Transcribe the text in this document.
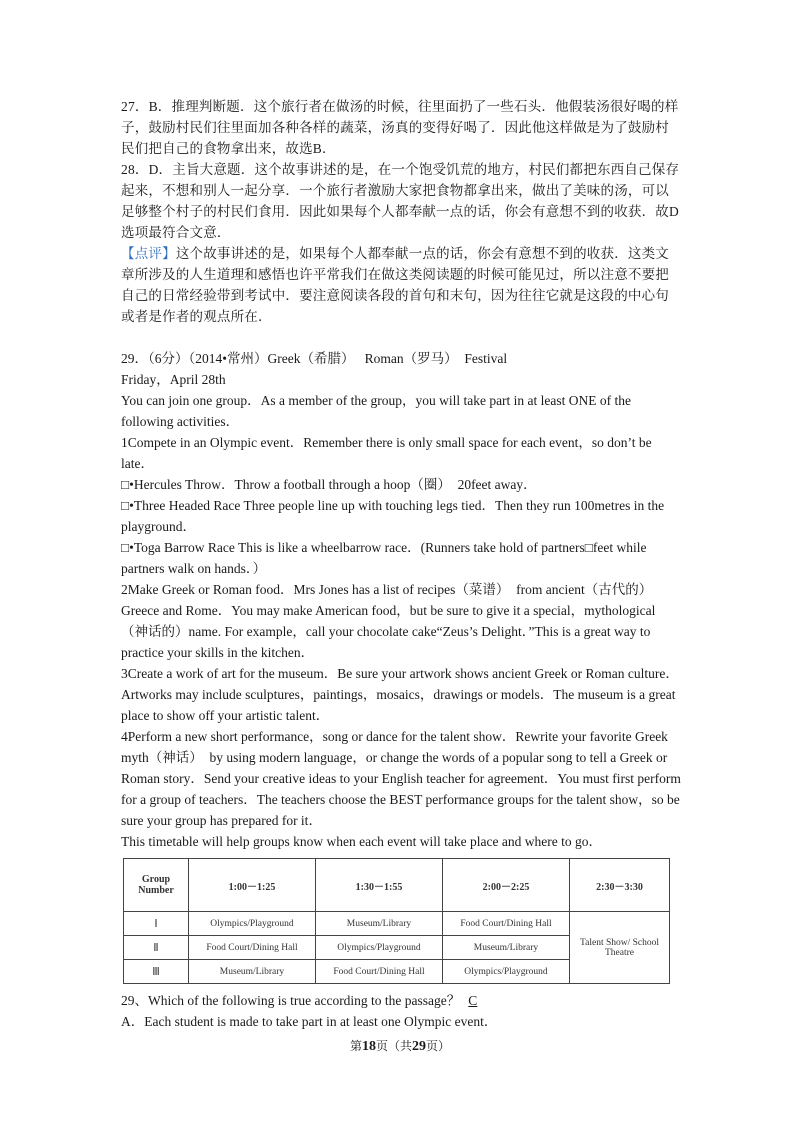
27．B．推理判断题．这个旅行者在做汤的时候，往里面扔了一些石头．他假装汤很好喝的样子，鼓励村民们往里面加各种各样的蔬菜，汤真的变得好喝了．因此他这样做是为了鼓励村民们把自己的食物拿出来，故选B．

28．D．主旨大意题．这个故事讲述的是，在一个饱受饥荒的地方，村民们都把东西自己保存起来，不想和别人一起分享．一个旅行者激励大家把食物都拿出来，做出了美味的汤，可以足够整个村子的村民们食用．因此如果每个人都奉献一点的话，你会有意想不到的收获．故D选项最符合文意．

【点评】这个故事讲述的是，如果每个人都奉献一点的话，你会有意想不到的收获．这类文章所涉及的人生道理和感悟也许平常我们在做这类阅读题的时候可能见过，所以注意不要把自己的日常经验带到考试中．要注意阅读各段的首句和末句，因为往往它就是这段的中心句或者是作者的观点所在．

29．（6分）（2014•常州）Greek（希腊）　 Roman（罗马）　Festival

Friday，April 28th

You can join one group．As a member of the group，you will take part in at least ONE of the following activities．

1Compete in an Olympic event．Remember there is only small space for each event，so don’t be late．

□•Hercules Throw．Throw a football through a hoop（圈）　20feet away．

□•Three Headed Race Three people line up with touching legs tied．Then they run 100metres in the playground．

□•Toga Barrow Race This is like a wheelbarrow race．(Runners take hold of partners□feet while partners walk on hands．）

2Make Greek or Roman food．Mrs Jones has a list of recipes（菜谱）　from ancient（古代的）Greece and Rome．You may make American food，but be sure to give it a special，mythological（神话的）name. For example，call your chocolate cake“Zeus’s Delight．”This is a great way to practice your skills in the kitchen．

3Create a work of art for the museum．Be sure your artwork shows ancient Greek or Roman culture．Artworks may include sculptures，paintings，mosaics，drawings or models．The museum is a great place to show off your artistic talent．

4Perform a new short performance，song or dance for the talent show．Rewrite your favorite Greek myth（神话）　by using modern language，or change the words of a popular song to tell a Greek or Roman story．Send your creative ideas to your English teacher for agreement．You must first perform for a group of teachers．The teachers choose the BEST performance groups for the talent show，so be sure your group has prepared for it．

This timetable will help groups know when each event will take place and where to go．

Group Number	1:00－1:25	1:30－1:55	2:00－2:25	2:30－3:30
Ⅰ	Olympics/Playground	Museum/Library	Food Court/Dining Hall	Talent Show/ School Theatre
Ⅱ	Food Court/Dining Hall	Olympics/Playground	Museum/Library	
Ⅲ	Museum/Library	Food Court/Dining Hall	Olympics/Playground	

29、Which of the following is true according to the passage？ C

A．Each student is made to take part in at least one Olympic event．

第18页（共29页）
